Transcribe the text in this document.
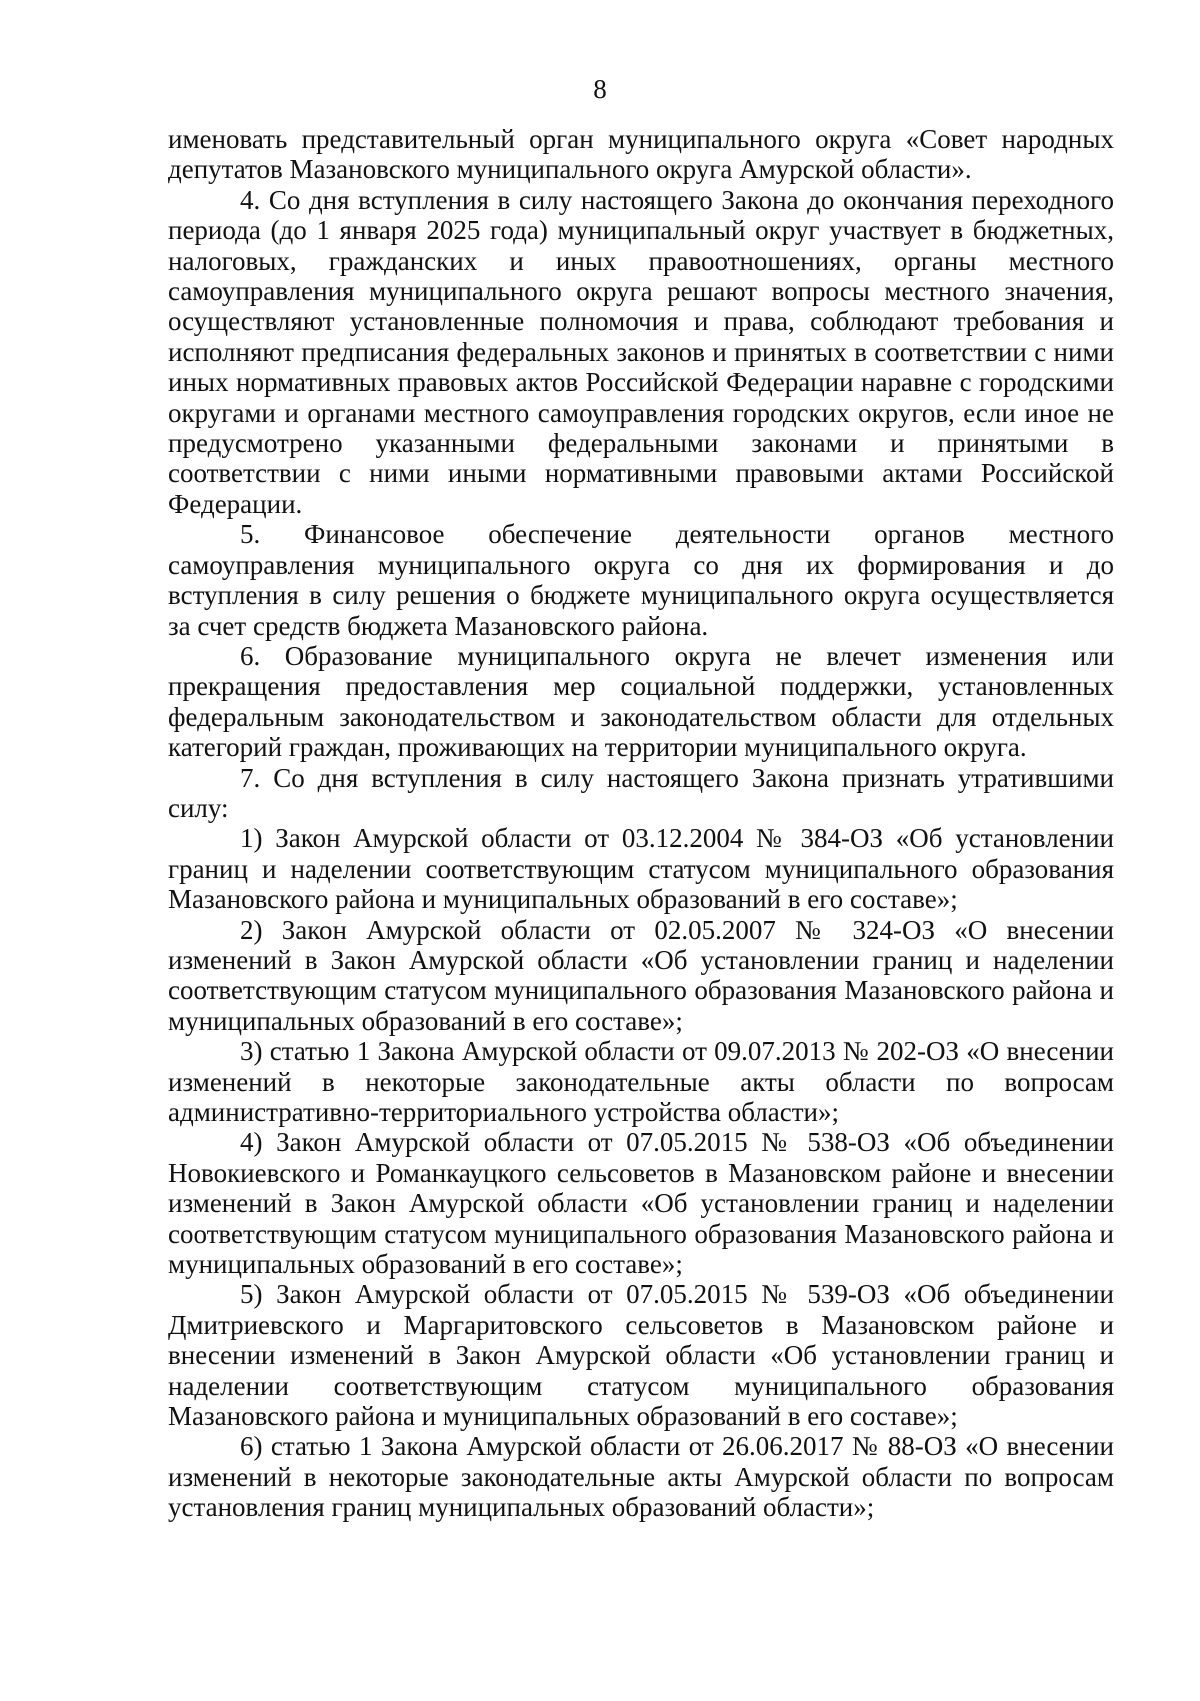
8

именовать представительный орган муниципального округа «Совет народных депутатов Мазановского муниципального округа Амурской области».

4. Со дня вступления в силу настоящего Закона до окончания переходного периода (до 1 января 2025 года) муниципальный округ участвует в бюджетных, налоговых, гражданских и иных правоотношениях, органы местного самоуправления муниципального округа решают вопросы местного значения, осуществляют установленные полномочия и права, соблюдают требования и исполняют предписания федеральных законов и принятых в соответствии с ними иных нормативных правовых актов Российской Федерации наравне с городскими округами и органами местного самоуправления городских округов, если иное не предусмотрено указанными федеральными законами и принятыми в соответствии с ними иными нормативными правовыми актами Российской Федерации.

5. Финансовое обеспечение деятельности органов местного самоуправления муниципального округа со дня их формирования и до вступления в силу решения о бюджете муниципального округа осуществляется за счет средств бюджета Мазановского района.

6. Образование муниципального округа не влечет изменения или прекращения предоставления мер социальной поддержки, установленных федеральным законодательством и законодательством области для отдельных категорий граждан, проживающих на территории муниципального округа.

7. Со дня вступления в силу настоящего Закона признать утратившими силу:

1) Закон Амурской области от 03.12.2004 № 384-ОЗ «Об установлении границ и наделении соответствующим статусом муниципального образования Мазановского района и муниципальных образований в его составе»;

2) Закон Амурской области от 02.05.2007 № 324-ОЗ «О внесении изменений в Закон Амурской области «Об установлении границ и наделении соответствующим статусом муниципального образования Мазановского района и муниципальных образований в его составе»;

3) статью 1 Закона Амурской области от 09.07.2013 № 202-ОЗ «О внесении изменений в некоторые законодательные акты области по вопросам административно-территориального устройства области»;

4) Закон Амурской области от 07.05.2015 № 538-ОЗ «Об объединении Новокиевского и Романкауцкого сельсоветов в Мазановском районе и внесении изменений в Закон Амурской области «Об установлении границ и наделении соответствующим статусом муниципального образования Мазановского района и муниципальных образований в его составе»;

5) Закон Амурской области от 07.05.2015 № 539-ОЗ «Об объединении Дмитриевского и Маргаритовского сельсоветов в Мазановском районе и внесении изменений в Закон Амурской области «Об установлении границ и наделении соответствующим статусом муниципального образования Мазановского района и муниципальных образований в его составе»;

6) статью 1 Закона Амурской области от 26.06.2017 № 88-ОЗ «О внесении изменений в некоторые законодательные акты Амурской области по вопросам установления границ муниципальных образований области»;
